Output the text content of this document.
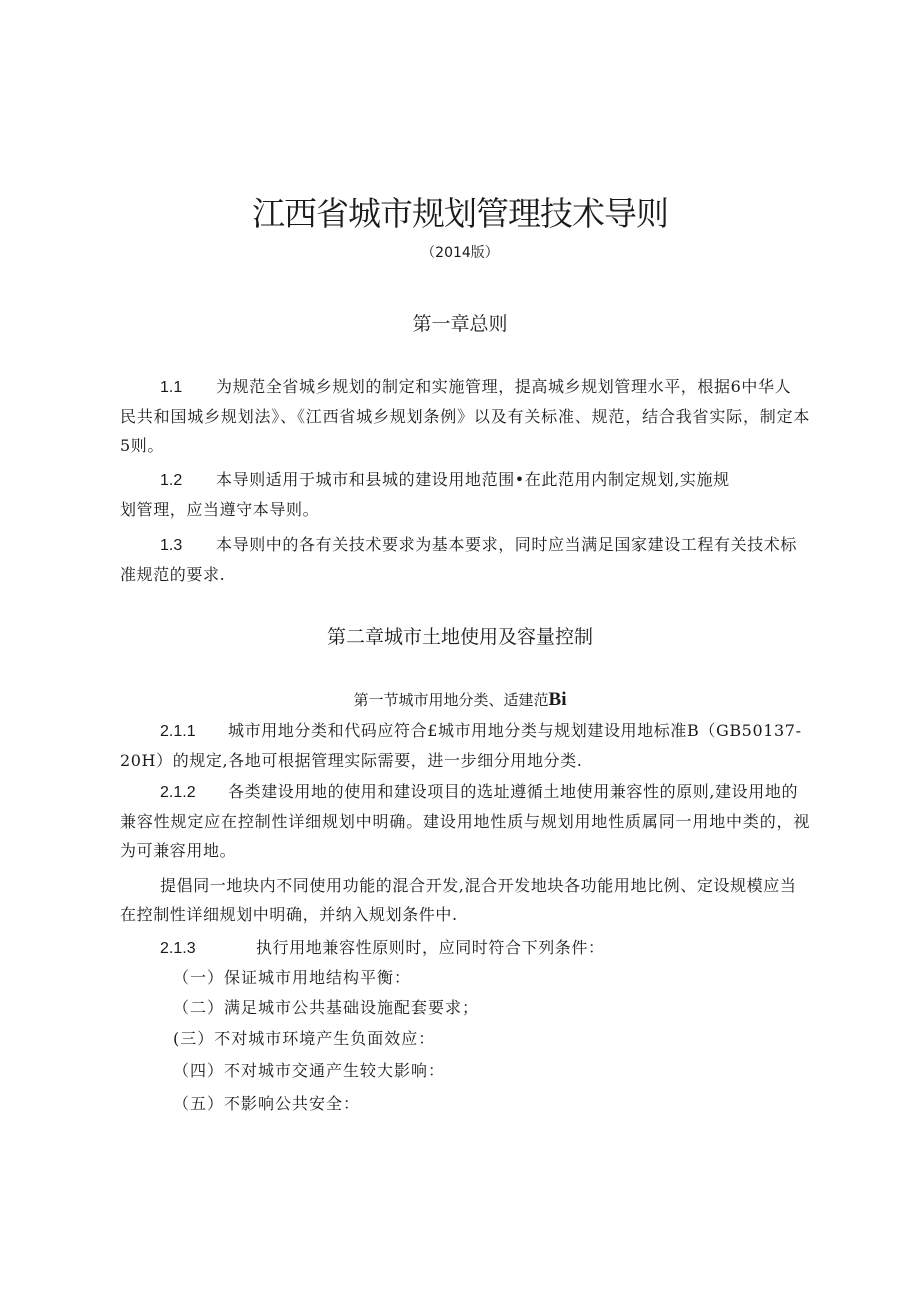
江西省城市规划管理技术导则
（2014版）
第一章总则
1.1 为规范全省城乡规划的制定和实施管理，提高城乡规划管理水平，根据6中华人
民共和国城乡规划法》、《江西省城乡规划条例》以及有关标准、规范，结合我省实际，制定本5则。
1.2 本导则适用于城市和县城的建设用地范围•在此范用内制定规划,实施规
划管理，应当遵守本导则。
1.3 本导则中的各有关技术要求为基本要求，同时应当满足国家建设工程有关技术标
准规范的要求.
第二章城市土地使用及容量控制
第一节城市用地分类、适建范Bi
2.1.1 城市用地分类和代码应符合£城市用地分类与规划建设用地标准B（GB50137-
20H）的规定,各地可根据管理实际需要，进一步细分用地分类.
2.1.2 各类建设用地的使用和建设项目的选址遵循土地使用兼容性的原则,建设用地的
兼容性规定应在控制性详细规划中明确。建设用地性质与规划用地性质属同一用地中类的，视为可兼容用地。
提倡同一地块内不同使用功能的混合开发,混合开发地块各功能用地比例、定设规模应当
在控制性详细规划中明确，并纳入规划条件中.
2.1.3	执行用地兼容性原则时，应同时符合下列条件：
（一）保证城市用地结构平衡：
（二）满足城市公共基础设施配套要求；
(三）不对城市环境产生负面效应：
（四）不对城市交通产生较大影响：
（五）不影响公共安全：
